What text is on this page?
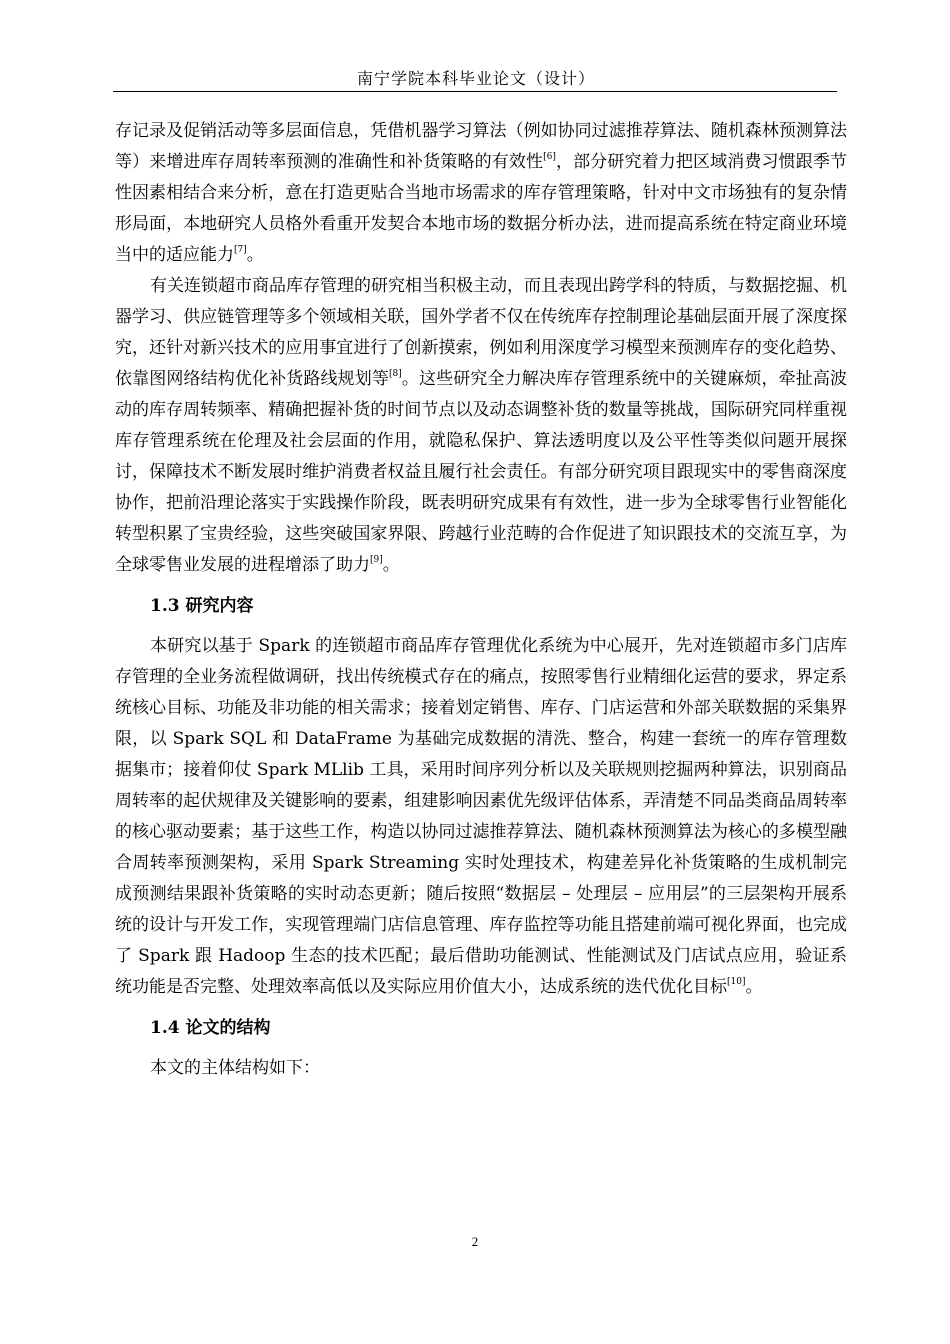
南宁学院本科毕业论文（设计）

存记录及促销活动等多层面信息，凭借机器学习算法（例如协同过滤推荐算法、随机森林预测算法等）来增进库存周转率预测的准确性和补货策略的有效性[6]，部分研究着力把区域消费习惯跟季节性因素相结合来分析，意在打造更贴合当地市场需求的库存管理策略，针对中文市场独有的复杂情形局面，本地研究人员格外看重开发契合本地市场的数据分析办法，进而提高系统在特定商业环境当中的适应能力[7]。

有关连锁超市商品库存管理的研究相当积极主动，而且表现出跨学科的特质，与数据挖掘、机器学习、供应链管理等多个领域相关联，国外学者不仅在传统库存控制理论基础层面开展了深度探究，还针对新兴技术的应用事宜进行了创新摸索，例如利用深度学习模型来预测库存的变化趋势、依靠图网络结构优化补货路线规划等[8]。这些研究全力解决库存管理系统中的关键麻烦，牵扯高波动的库存周转频率、精确把握补货的时间节点以及动态调整补货的数量等挑战，国际研究同样重视库存管理系统在伦理及社会层面的作用，就隐私保护、算法透明度以及公平性等类似问题开展探讨，保障技术不断发展时维护消费者权益且履行社会责任。有部分研究项目跟现实中的零售商深度协作，把前沿理论落实于实践操作阶段，既表明研究成果有有效性，进一步为全球零售行业智能化转型积累了宝贵经验，这些突破国家界限、跨越行业范畴的合作促进了知识跟技术的交流互享，为全球零售业发展的进程增添了助力[9]。

1.3 研究内容

本研究以基于 Spark 的连锁超市商品库存管理优化系统为中心展开，先对连锁超市多门店库存管理的全业务流程做调研，找出传统模式存在的痛点，按照零售行业精细化运营的要求，界定系统核心目标、功能及非功能的相关需求；接着划定销售、库存、门店运营和外部关联数据的采集界限，以 Spark SQL 和 DataFrame 为基础完成数据的清洗、整合，构建一套统一的库存管理数据集市；接着仰仗 Spark MLlib 工具，采用时间序列分析以及关联规则挖掘两种算法，识别商品周转率的起伏规律及关键影响的要素，组建影响因素优先级评估体系，弄清楚不同品类商品周转率的核心驱动要素；基于这些工作，构造以协同过滤推荐算法、随机森林预测算法为核心的多模型融合周转率预测架构，采用 Spark Streaming 实时处理技术，构建差异化补货策略的生成机制完成预测结果跟补货策略的实时动态更新；随后按照“数据层 – 处理层 – 应用层”的三层架构开展系统的设计与开发工作，实现管理端门店信息管理、库存监控等功能且搭建前端可视化界面，也完成了 Spark 跟 Hadoop 生态的技术匹配；最后借助功能测试、性能测试及门店试点应用，验证系统功能是否完整、处理效率高低以及实际应用价值大小，达成系统的迭代优化目标[10]。

1.4 论文的结构

本文的主体结构如下：

2
